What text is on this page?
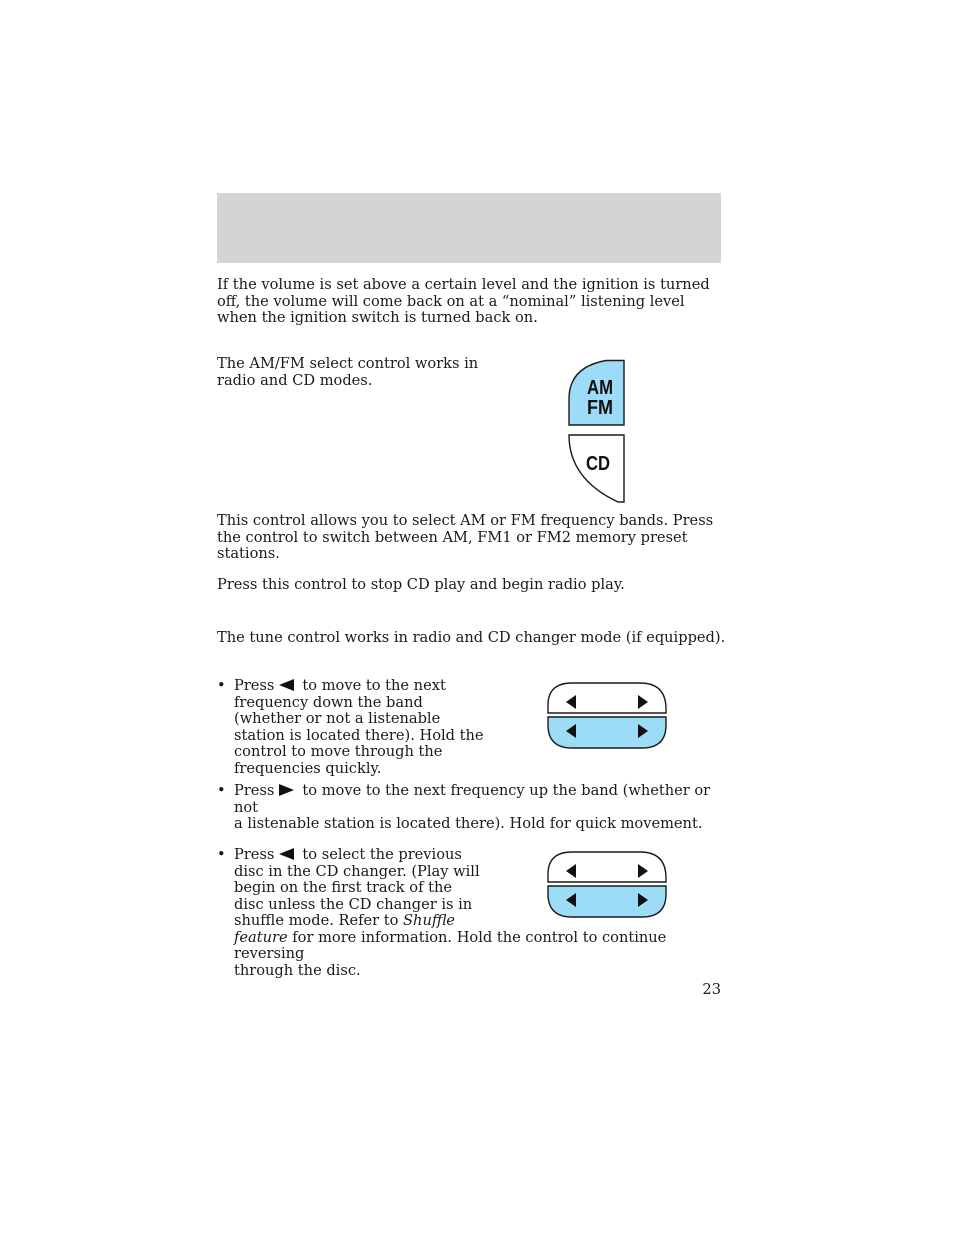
If the volume is set above a certain level and the ignition is turned off, the volume will come back on at a “nominal” listening level when the ignition switch is turned back on.

The AM/FM select control works in

radio and CD modes.	AM
FM
CD

This control allows you to select AM or FM frequency bands. Press the control to switch between AM, FM1 or FM2 memory preset stations.

Press this control to stop CD play and begin radio play.

The tune control works in radio and CD changer mode (if equipped).

• Press to move to the next
frequency down the band
(whether or not a listenable
station is located there). Hold the
control to move through the
frequencies quickly.
• Press to move to the next frequency up the band (whether or not
a listenable station is located there). Hold for quick movement.
• Press to select the previous
disc in the CD changer. (Play will
begin on the first track of the
disc unless the CD changer is in
shuffle mode. Refer to Shuffle
feature for more information. Hold the control to continue reversing
through the disc.
23
